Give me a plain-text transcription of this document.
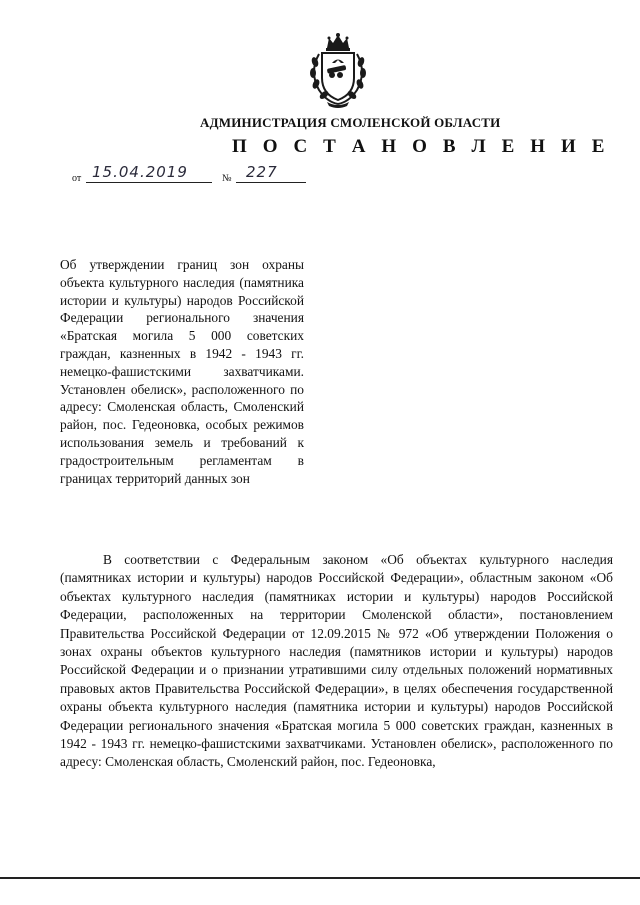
АДМИНИСТРАЦИЯ СМОЛЕНСКОЙ ОБЛАСТИ
П О С Т А Н О В Л Е Н И Е
от 15.04.2019	№ 227

Об утверждении границ зон охраны объекта культурного наследия (памятника истории и культуры) народов Российской Федерации регионального значения «Братская могила 5 000 советских граждан, казненных в 1942 - 1943 гг. немецко-фашистскими захватчиками. Установлен обелиск», расположенного по адресу: Смоленская область, Смоленский район, пос. Гедеоновка, особых режимов использования земель и требований к градостроительным регламентам в границах территорий данных зон

В соответствии с Федеральным законом «Об объектах культурного наследия (памятниках истории и культуры) народов Российской Федерации», областным законом «Об объектах культурного наследия (памятниках истории и культуры) народов Российской Федерации, расположенных на территории Смоленской области», постановлением Правительства Российской Федерации от 12.09.2015 № 972 «Об утверждении Положения о зонах охраны объектов культурного наследия (памятников истории и культуры) народов Российской Федерации и о признании утратившими силу отдельных положений нормативных правовых актов Правительства Российской Федерации», в целях обеспечения государственной охраны объекта культурного наследия (памятника истории и культуры) народов Российской Федерации регионального значения «Братская могила 5 000 советских граждан, казненных в 1942 - 1943 гг. немецко-фашистскими захватчиками. Установлен обелиск», расположенного по адресу: Смоленская область, Смоленский район, пос. Гедеоновка,
